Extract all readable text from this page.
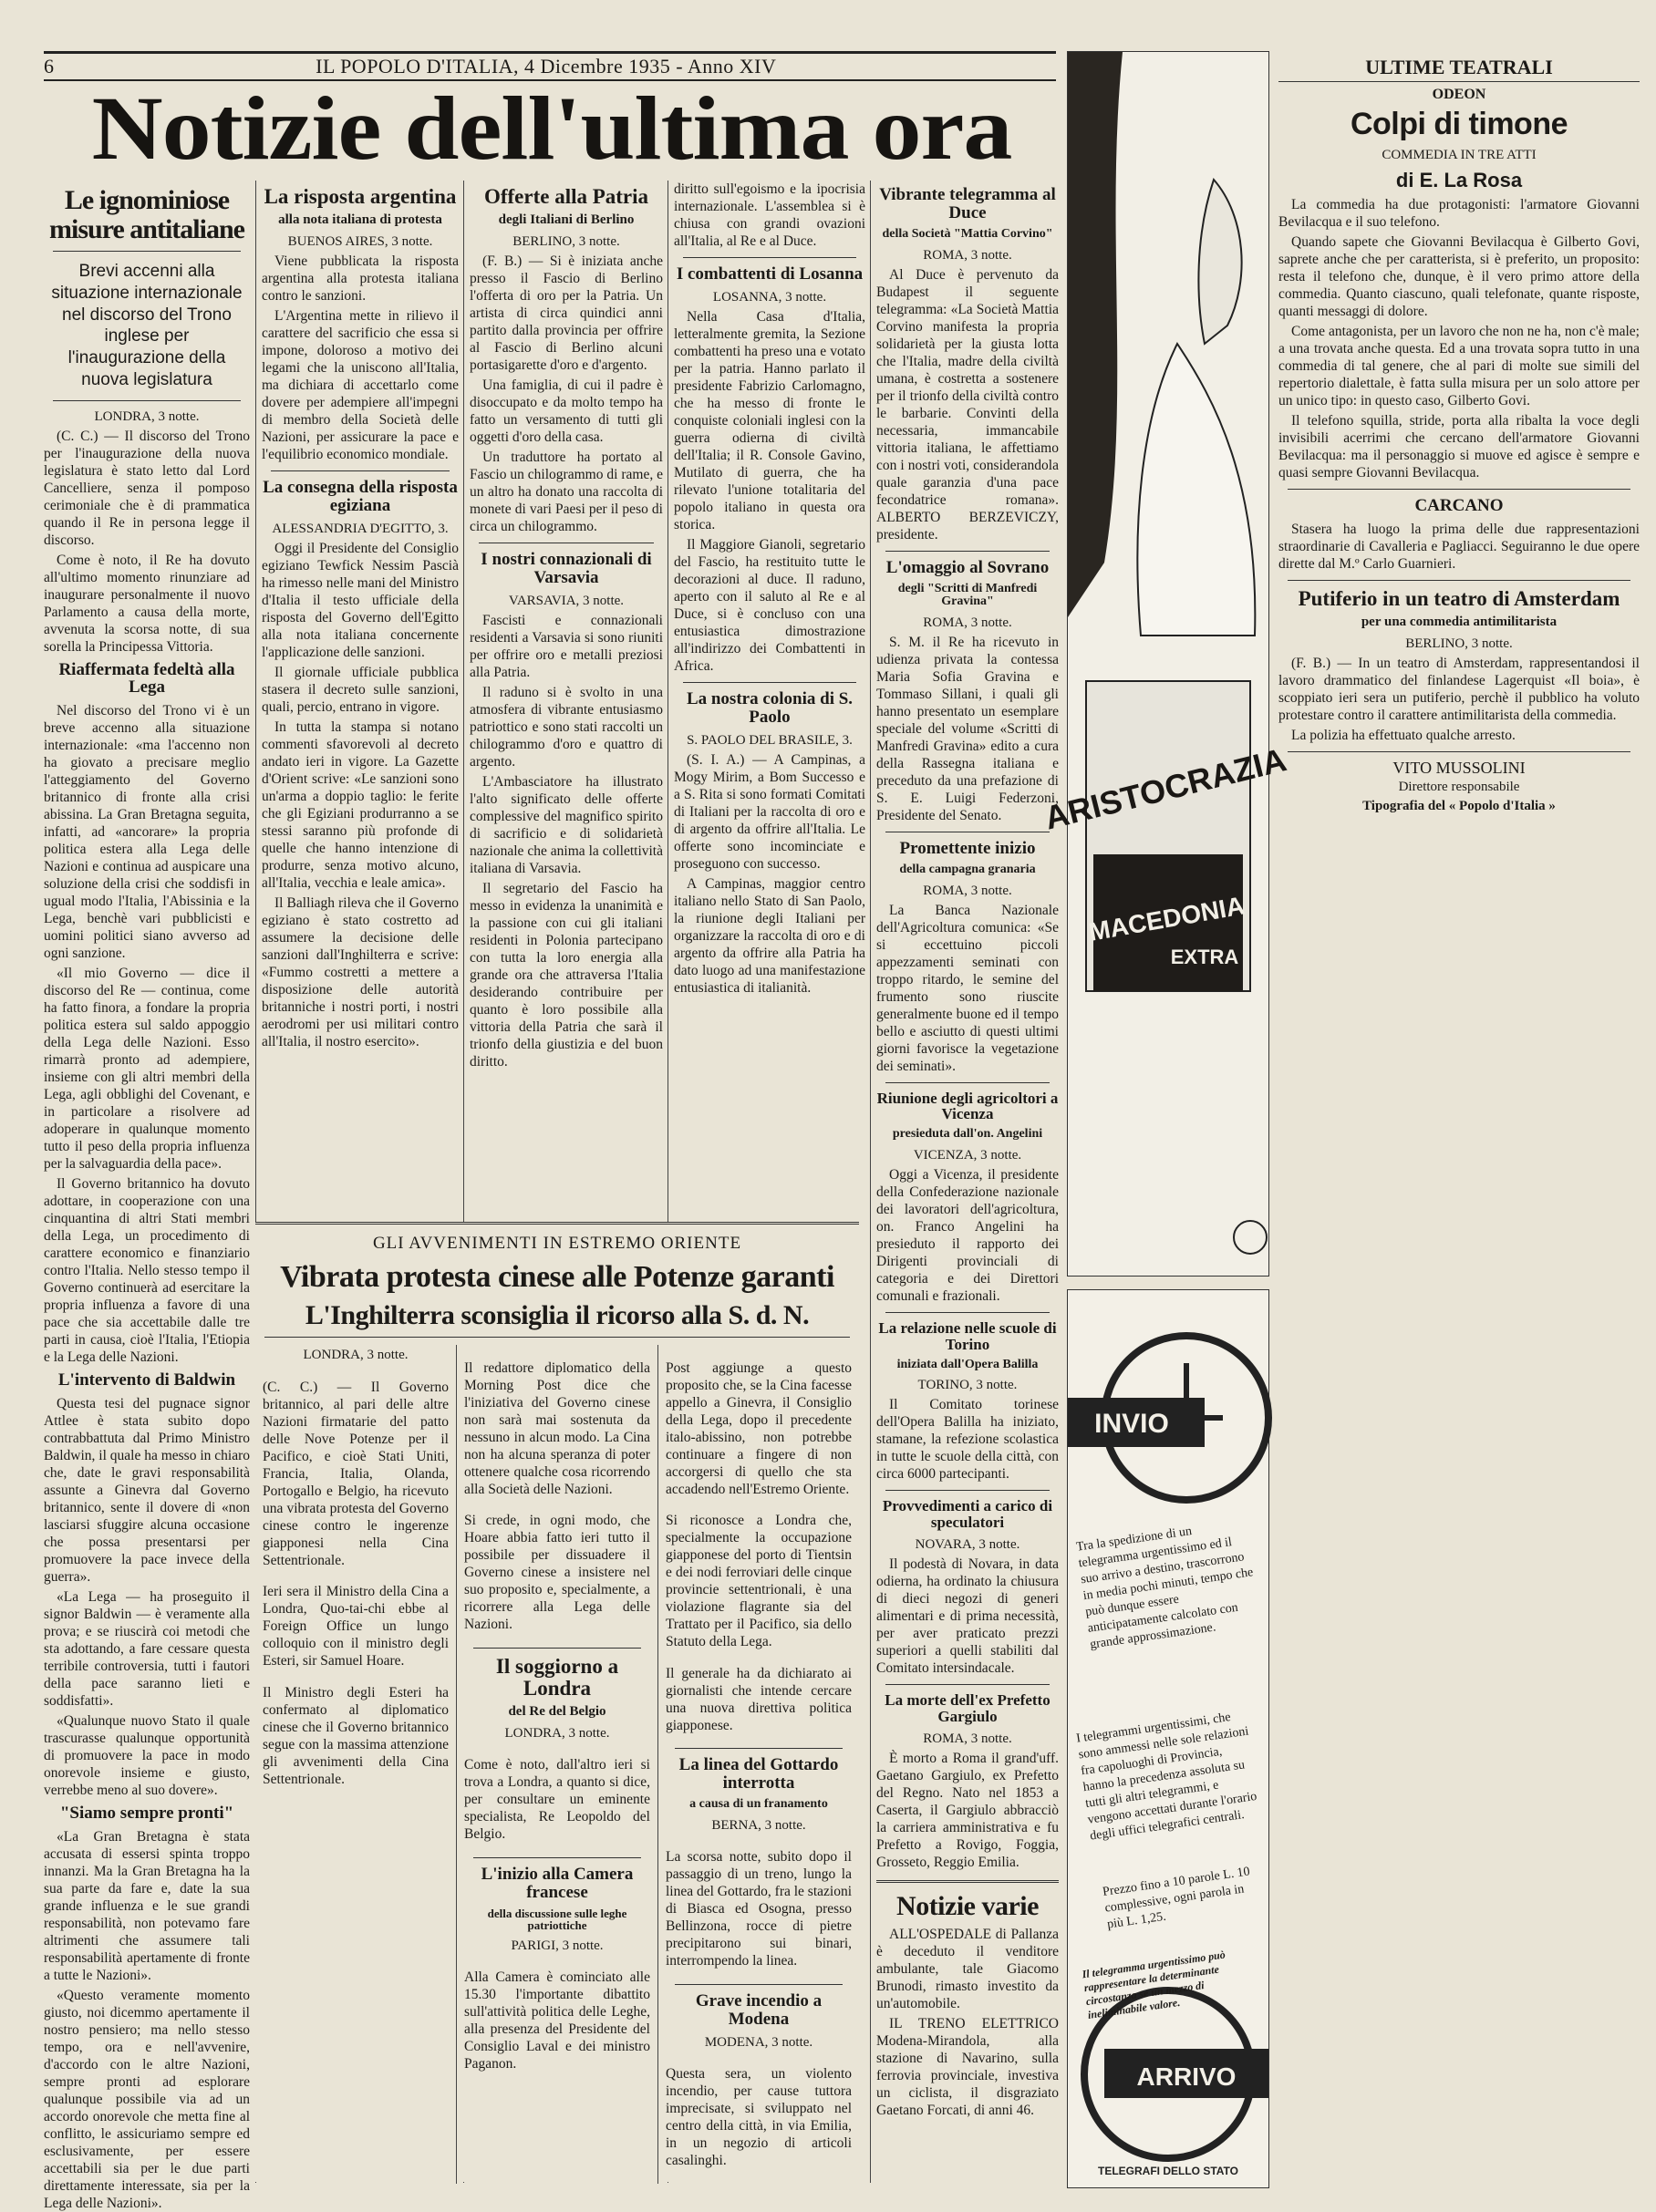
6	IL POPOLO D'ITALIA, 4 Dicembre 1935 - Anno XIV
Notizie dell'ultima ora
Le ignominiose misure antitaliane
Brevi accenni alla situazione internazionale nel discorso del Trono inglese per l'inaugurazione della nuova legislatura
LONDRA, 3 notte.

(C. C.) — Il discorso del Trono per l'inaugurazione della nuova legislatura è stato letto dal Lord Cancelliere, senza il pomposo cerimoniale che è di prammatica quando il Re in persona legge il discorso.

Come è noto, il Re ha dovuto all'ultimo momento rinunziare ad inaugurare personalmente il nuovo Parlamento a causa della morte, avvenuta la scorsa notte, di sua sorella la Principessa Vittoria.

Riaffermata fedeltà alla Lega

Nel discorso del Trono vi è un breve accenno alla situazione internazionale: «ma l'accenno non ha giovato a precisare meglio l'atteggiamento del Governo britannico di fronte alla crisi abissina. La Gran Bretagna seguita, infatti, ad «ancorare» la propria politica estera alla Lega delle Nazioni e continua ad auspicare una soluzione della crisi che soddisfi in ugual modo l'Italia, l'Abissinia e la Lega, benchè vari pubblicisti e uomini politici siano avverso ad ogni sanzione.

«Il mio Governo — dice il discorso del Re — continua, come ha fatto finora, a fondare la propria politica estera sul saldo appoggio della Lega delle Nazioni. Esso rimarrà pronto ad adempiere, insieme con gli altri membri della Lega, agli obblighi del Covenant, e in particolare a risolvere ad adoperare in qualunque momento tutto il peso della propria influenza per la salvaguardia della pace».

Il Governo britannico ha dovuto adottare, in cooperazione con una cinquantina di altri Stati membri della Lega, un procedimento di carattere economico e finanziario contro l'Italia. Nello stesso tempo il Governo continuerà ad esercitare la propria influenza a favore di una pace che sia accettabile dalle tre parti in causa, cioè l'Italia, l'Etiopia e la Lega delle Nazioni.

L'intervento di Baldwin

Questa tesi del pugnace signor Attlee è stata subito dopo contrabbattuta dal Primo Ministro Baldwin, il quale ha messo in chiaro che, date le gravi responsabilità assunte a Ginevra dal Governo britannico, sente il dovere di «non lasciarsi sfuggire alcuna occasione che possa presentarsi per promuovere la pace invece della guerra».

«La Lega — ha proseguito il signor Baldwin — è veramente alla prova; e se riuscirà coi metodi che sta adottando, a fare cessare questa terribile controversia, tutti i fautori della pace saranno lieti e soddisfatti».

«Qualunque nuovo Stato il quale trascurasse qualunque opportunità di promuovere la pace in modo onorevole insieme e giusto, verrebbe meno al suo dovere».

"Siamo sempre pronti"

«La Gran Bretagna è stata accusata di essersi spinta troppo innanzi. Ma la Gran Bretagna ha la sua parte da fare e, date la sua grande influenza e le sue grandi responsabilità, non potevamo fare altrimenti che assumere tali responsabilità apertamente di fronte a tutte le Nazioni».

«Questo veramente momento giusto, noi dicemmo apertamente il nostro pensiero; ma nello stesso tempo, ora e nell'avvenire, d'accordo con le altre Nazioni, sempre pronti ad esplorare qualunque possibile via ad un accordo onorevole che metta fine al conflitto, le assicuriamo sempre ed esclusivamente, per essere accettabili sia per le due parti direttamente interessate, sia per la Lega delle Nazioni».

La risposta argentina
alla nota italiana di protesta
BUENOS AIRES, 3 notte.

Viene pubblicata la risposta argentina alla protesta italiana contro le sanzioni.

L'Argentina mette in rilievo il carattere del sacrificio che essa si impone, doloroso a motivo dei legami che la uniscono all'Italia, ma dichiara di accettarlo come dovere per adempiere all'impegni di membro della Società delle Nazioni, per assicurare la pace e l'equilibrio economico mondiale.

La consegna della risposta egiziana
ALESSANDRIA D'EGITTO, 3.

Oggi il Presidente del Consiglio egiziano Tewfick Nessim Pascià ha rimesso nelle mani del Ministro d'Italia il testo ufficiale della risposta del Governo dell'Egitto alla nota italiana concernente l'applicazione delle sanzioni.

Il giornale ufficiale pubblica stasera il decreto sulle sanzioni, quali, percio, entrano in vigore.

In tutta la stampa si notano commenti sfavorevoli al decreto andato ieri in vigore. La Gazette d'Orient scrive: «Le sanzioni sono un'arma a doppio taglio: le ferite che gli Egiziani produrranno a se stessi saranno più profonde di quelle che hanno intenzione di produrre, senza motivo alcuno, all'Italia, vecchia e leale amica».

Il Balliagh rileva che il Governo egiziano è stato costretto ad assumere la decisione delle sanzioni dall'Inghilterra e scrive: «Fummo costretti a mettere a disposizione delle autorità britanniche i nostri porti, i nostri aerodromi per usi militari contro all'Italia, il nostro esercito».

Offerte alla Patria
degli Italiani di Berlino
BERLINO, 3 notte.

(F. B.) — Si è iniziata anche presso il Fascio di Berlino l'offerta di oro per la Patria. Un artista di circa quindici anni partito dalla provincia per offrire al Fascio di Berlino alcuni portasigarette d'oro e d'argento.

Una famiglia, di cui il padre è disoccupato e da molto tempo ha fatto un versamento di tutti gli oggetti d'oro della casa.

Un traduttore ha portato al Fascio un chilogrammo di rame, e un altro ha donato una raccolta di monete di vari Paesi per il peso di circa un chilogrammo.

I nostri connazionali di Varsavia
VARSAVIA, 3 notte.

Fascisti e connazionali residenti a Varsavia si sono riuniti per offrire oro e metalli preziosi alla Patria.

Il raduno si è svolto in una atmosfera di vibrante entusiasmo patriottico e sono stati raccolti un chilogrammo d'oro e quattro di argento.

L'Ambasciatore ha illustrato l'alto significato delle offerte complessive del magnifico spirito di sacrificio e di solidarietà nazionale che anima la collettività italiana di Varsavia.

Il segretario del Fascio ha messo in evidenza la unanimità e la passione con cui gli italiani residenti in Polonia partecipano con tutta la loro energia alla grande ora che attraversa l'Italia desiderando contribuire per quanto è loro possibile alla vittoria della Patria che sarà il trionfo della giustizia e del buon diritto.

diritto sull'egoismo e la ipocrisia internazionale. L'assemblea si è chiusa con grandi ovazioni all'Italia, al Re e al Duce.

I combattenti di Losanna
LOSANNA, 3 notte.

Nella Casa d'Italia, letteralmente gremita, la Sezione combattenti ha preso una e votato per la patria. Hanno parlato il presidente Fabrizio Carlomagno, che ha messo di fronte le conquiste coloniali inglesi con la guerra odierna di civiltà dell'Italia; il R. Console Gavino, Mutilato di guerra, che ha rilevato l'unione totalitaria del popolo italiano in questa ora storica.

Il Maggiore Gianoli, segretario del Fascio, ha restituito tutte le decorazioni al duce. Il raduno, aperto con il saluto al Re e al Duce, si è concluso con una entusiastica dimostrazione all'indirizzo dei Combattenti in Africa.

La nostra colonia di S. Paolo
S. PAOLO DEL BRASILE, 3.

(S. I. A.) — A Campinas, a Mogy Mirim, a Bom Successo e a S. Rita si sono formati Comitati di Italiani per la raccolta di oro e di argento da offrire all'Italia. Le offerte sono incominciate e proseguono con successo.

A Campinas, maggior centro italiano nello Stato di San Paolo, la riunione degli Italiani per organizzare la raccolta di oro e di argento da offrire alla Patria ha dato luogo ad una manifestazione entusiastica di italianità.

Vibrante telegramma al Duce
della Società "Mattia Corvino"
ROMA, 3 notte.

Al Duce è pervenuto da Budapest il seguente telegramma: «La Società Mattia Corvino manifesta la propria solidarietà per la giusta lotta che l'Italia, madre della civiltà umana, è costretta a sostenere per il trionfo della civiltà contro le barbarie. Convinti della necessaria, immancabile vittoria italiana, le affettiamo con i nostri voti, considerandola quale garanzia d'una pace fecondatrice romana». ALBERTO BERZEVICZY, presidente.

L'omaggio al Sovrano
degli "Scritti di Manfredi Gravina"
ROMA, 3 notte.

S. M. il Re ha ricevuto in udienza privata la contessa Maria Sofia Gravina e Tommaso Sillani, i quali gli hanno presentato un esemplare speciale del volume «Scritti di Manfredi Gravina» edito a cura della Rassegna italiana e preceduto da una prefazione di S. E. Luigi Federzoni, Presidente del Senato.

Promettente inizio
della campagna granaria
ROMA, 3 notte.

La Banca Nazionale dell'Agricoltura comunica: «Se si eccettuino piccoli appezzamenti seminati con troppo ritardo, le semine del frumento sono riuscite generalmente buone ed il tempo bello e asciutto di questi ultimi giorni favorisce la vegetazione dei seminati».

Riunione degli agricoltori a Vicenza
presieduta dall'on. Angelini
VICENZA, 3 notte.

Oggi a Vicenza, il presidente della Confederazione nazionale dei lavoratori dell'agricoltura, on. Franco Angelini ha presieduto il rapporto dei Dirigenti provinciali di categoria e dei Direttori comunali e frazionali.

La relazione nelle scuole di Torino
iniziata dall'Opera Balilla
TORINO, 3 notte.

Il Comitato torinese dell'Opera Balilla ha iniziato, stamane, la refezione scolastica in tutte le scuole della città, con circa 6000 partecipanti.

Provvedimenti a carico di speculatori
NOVARA, 3 notte.

Il podestà di Novara, in data odierna, ha ordinato la chiusura di dieci negozi di generi alimentari e di prima necessità, per aver praticato prezzi superiori a quelli stabiliti dal Comitato intersindacale.

La morte dell'ex Prefetto Gargiulo
ROMA, 3 notte.

È morto a Roma il grand'uff. Gaetano Gargiulo, ex Prefetto del Regno. Nato nel 1853 a Caserta, il Gargiulo abbracciò la carriera amministrativa e fu Prefetto a Rovigo, Foggia, Grosseto, Reggio Emilia.

Notizie varie

ALL'OSPEDALE di Pallanza è deceduto il venditore ambulante, tale Giacomo Brunodi, rimasto investito da un'automobile.

IL TRENO ELETTRICO Modena-Mirandola, alla stazione di Navarino, sulla ferrovia provinciale, investiva un ciclista, il disgraziato Gaetano Forcati, di anni 46.

GLI AVVENIMENTI IN ESTREMO ORIENTE
Vibrata protesta cinese alle Potenze garanti
L'Inghilterra sconsiglia il ricorso alla S. d. N.
LONDRA, 3 notte.

(C. C.) — Il Governo britannico, al pari delle altre Nazioni firmatarie del patto delle Nove Potenze per il Pacifico, e cioè Stati Uniti, Francia, Italia, Olanda, Portogallo e Belgio, ha ricevuto una vibrata protesta del Governo cinese contro le ingerenze giapponesi nella Cina Settentrionale.

Ieri sera il Ministro della Cina a Londra, Quo-tai-chi ebbe al Foreign Office un lungo colloquio con il ministro degli Esteri, sir Samuel Hoare.

Il Ministro degli Esteri ha confermato al diplomatico cinese che il Governo britannico segue con la massima attenzione gli avvenimenti della Cina Settentrionale.

Il redattore diplomatico della Morning Post dice che l'iniziativa del Governo cinese non sarà mai sostenuta da nessuno in alcun modo. La Cina non ha alcuna speranza di poter ottenere qualche cosa ricorrendo alla Società delle Nazioni.

Si crede, in ogni modo, che Hoare abbia fatto ieri tutto il possibile per dissuadere il Governo cinese a insistere nel suo proposito e, specialmente, a ricorrere alla Lega delle Nazioni.

Il soggiorno a Londra
del Re del Belgio
LONDRA, 3 notte.

Come è noto, dall'altro ieri si trova a Londra, a quanto si dice, per consultare un eminente specialista, Re Leopoldo del Belgio.

L'inizio alla Camera francese
della discussione sulle leghe patriottiche
PARIGI, 3 notte.

Alla Camera è cominciato alle 15.30 l'importante dibattito sull'attività politica delle Leghe, alla presenza del Presidente del Consiglio Laval e dei ministro Paganon.

Post aggiunge a questo proposito che, se la Cina facesse appello a Ginevra, il Consiglio della Lega, dopo il precedente italo-abissino, non potrebbe continuare a fingere di non accorgersi di quello che sta accadendo nell'Estremo Oriente.

Si riconosce a Londra che, specialmente la occupazione giapponese del porto di Tientsin e dei nodi ferroviari delle cinque provincie settentrionali, è una violazione flagrante sia del Trattato per il Pacifico, sia dello Statuto della Lega.

Il generale ha da dichiarato ai giornalisti che intende cercare una nuova direttiva politica giapponese.

La linea del Gottardo interrotta
a causa di un franamento
BERNA, 3 notte.

La scorsa notte, subito dopo il passaggio di un treno, lungo la linea del Gottardo, fra le stazioni di Biasca ed Osogna, presso Bellinzona, rocce di pietre precipitarono sui binari, interrompendo la linea.

Grave incendio a Modena
MODENA, 3 notte.

Questa sera, un violento incendio, per cause tuttora imprecisate, si sviluppato nel centro della città, in via Emilia, in un negozio di articoli casalinghi.

ARISTOCRAZIA
MACEDONIA
EXTRA
INVIO
ARRIVO
TELEGRAFI DELLO STATO
Tra la spedizione di un telegramma urgentissimo ed il suo arrivo a destino, trascorrono in media pochi minuti, tempo che può dunque essere anticipatamente calcolato con grande approssimazione.
I telegrammi urgentissimi, che sono ammessi nelle sole relazioni fra capoluoghi di Provincia, hanno la precedenza assoluta su tutti gli altri telegrammi, e vengono accettati durante l'orario degli uffici telegrafici centrali.
Prezzo fino a 10 parole L. 10 complessive, ogni parola in più L. 1,25.
Il telegramma urgentissimo può rappresentare la determinante circostanza se un mezzo di ineliminabile valore.
ULTIME TEATRALI
ODEON
Colpi di timone
COMMEDIA IN TRE ATTI
di E. La Rosa

La commedia ha due protagonisti: l'armatore Giovanni Bevilacqua e il suo telefono.

Quando sapete che Giovanni Bevilacqua è Gilberto Govi, saprete anche che per caratterista, si è preferito, un proposito: resta il telefono che, dunque, è il vero primo attore della commedia. Quanto ciascuno, quali telefonate, quante risposte, quanti messaggi di dolore.

Come antagonista, per un lavoro che non ne ha, non c'è male; a una trovata anche questa. Ed a una trovata sopra tutto in una commedia di tal genere, che al pari di molte sue simili del repertorio dialettale, è fatta sulla misura per un solo attore per un unico tipo: in questo caso, Gilberto Govi.

Il telefono squilla, stride, porta alla ribalta la voce degli invisibili acerrimi che cercano dell'armatore Giovanni Bevilacqua: ma il personaggio si muove ed agisce è sempre e quasi sempre Giovanni Bevilacqua.

CARCANO

Stasera ha luogo la prima delle due rappresentazioni straordinarie di Cavalleria e Pagliacci. Seguiranno le due opere dirette dal M.º Carlo Guarnieri.

Putiferio in un teatro di Amsterdam
per una commedia antimilitarista
BERLINO, 3 notte.

(F. B.) — In un teatro di Amsterdam, rappresentandosi il lavoro drammatico del finlandese Lagerquist «Il boia», è scoppiato ieri sera un putiferio, perchè il pubblico ha voluto protestare contro il carattere antimilitarista della commedia.

La polizia ha effettuato qualche arresto.

VITO MUSSOLINI
Direttore responsabile
Tipografia del « Popolo d'Italia »
